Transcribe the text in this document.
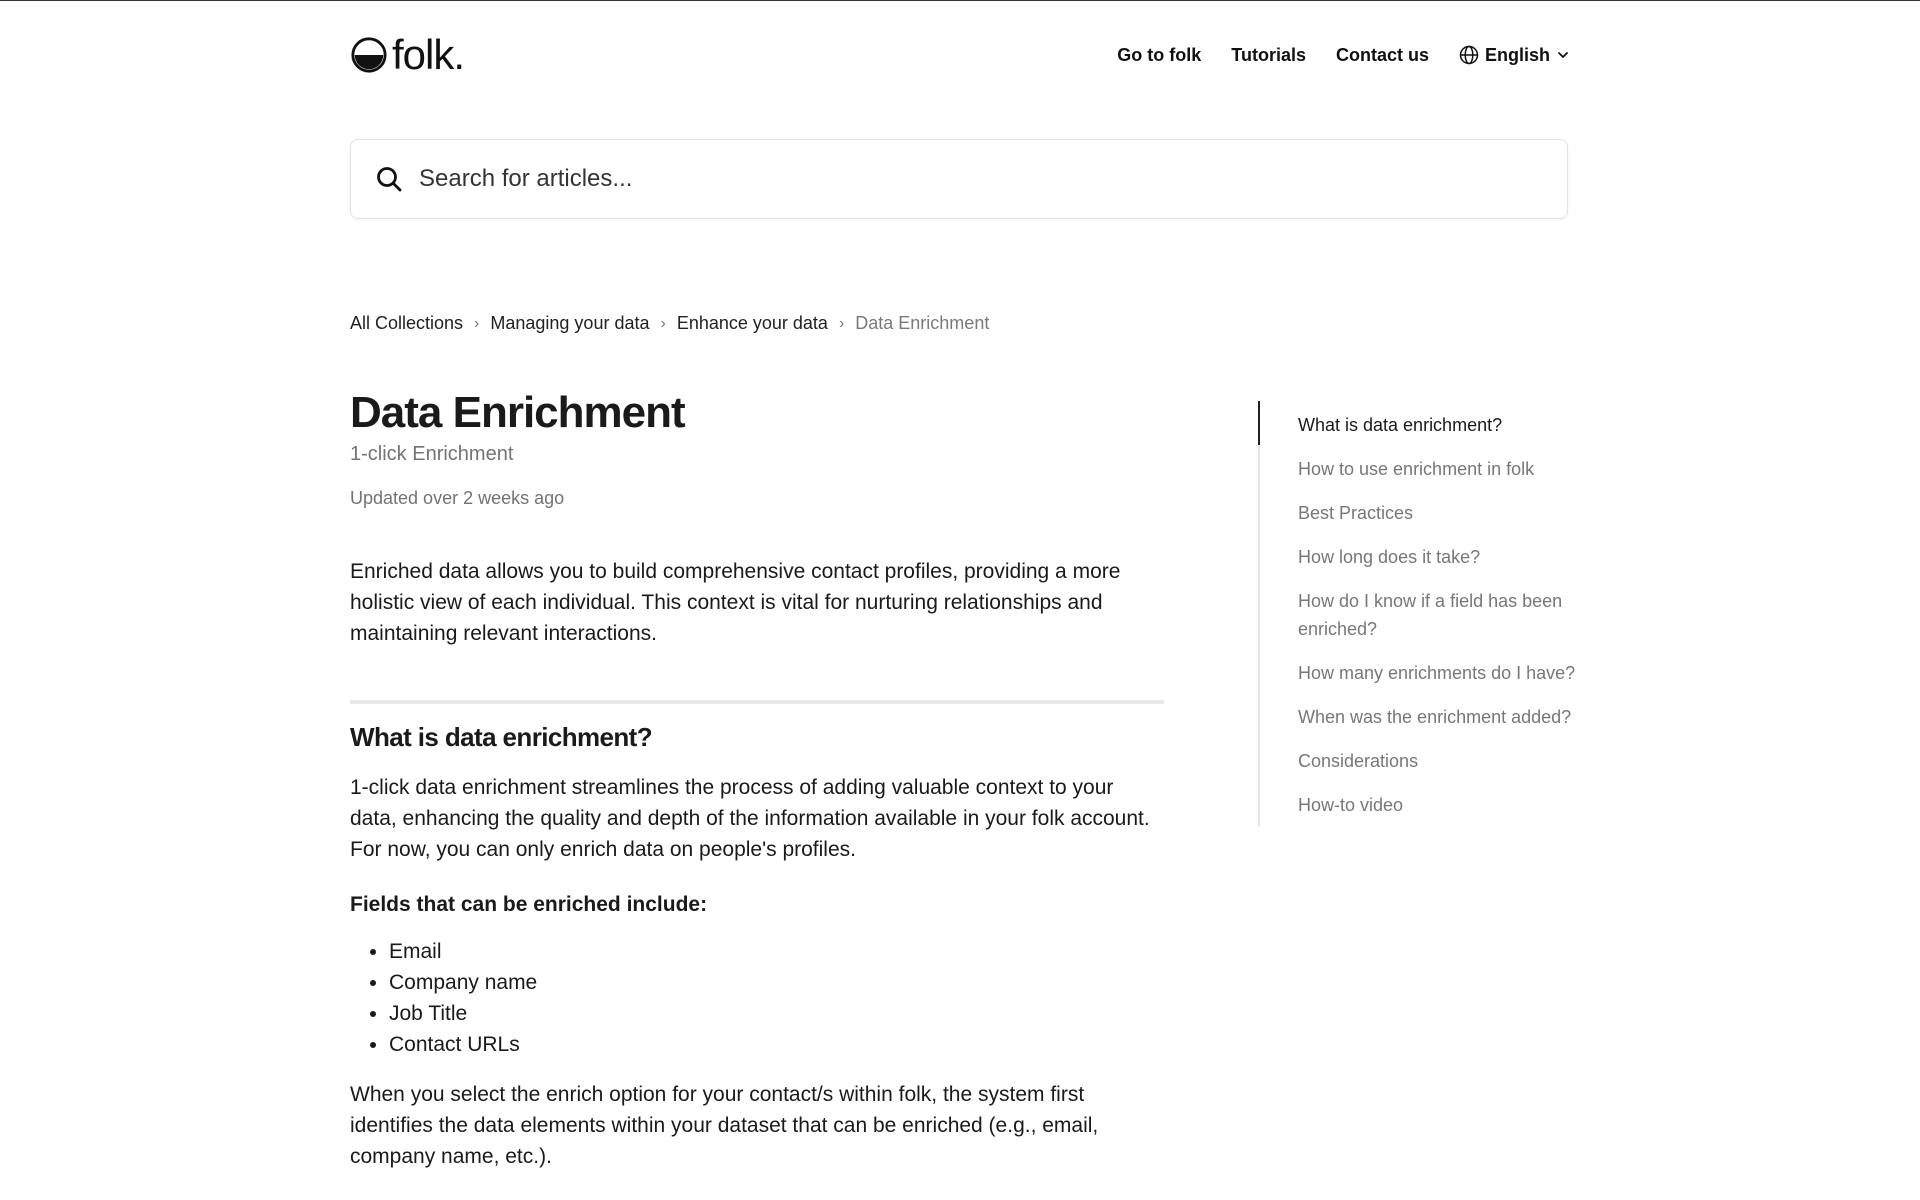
folk.	Go to folk Tutorials Contact us	English
Search for articles...
All Collections › Managing your data › Enhance your data › Data Enrichment
Data Enrichment
1-click Enrichment
Updated over 2 weeks ago
Enriched data allows you to build comprehensive contact profiles, providing a more holistic view of each individual. This context is vital for nurturing relationships and maintaining relevant interactions.
What is data enrichment?
1-click data enrichment streamlines the process of adding valuable context to your data, enhancing the quality and depth of the information available in your folk account. For now, you can only enrich data on people's profiles.
Fields that can be enriched include:
• Email
• Company name
• Job Title
• Contact URLs
When you select the enrich option for your contact/s within folk, the system first identifies the data elements within your dataset that can be enriched (e.g., email, company name, etc.).
What is data enrichment?
How to use enrichment in folk
Best Practices
How long does it take?
How do I know if a field has been enriched?
How many enrichments do I have?
When was the enrichment added?
Considerations
How-to video
